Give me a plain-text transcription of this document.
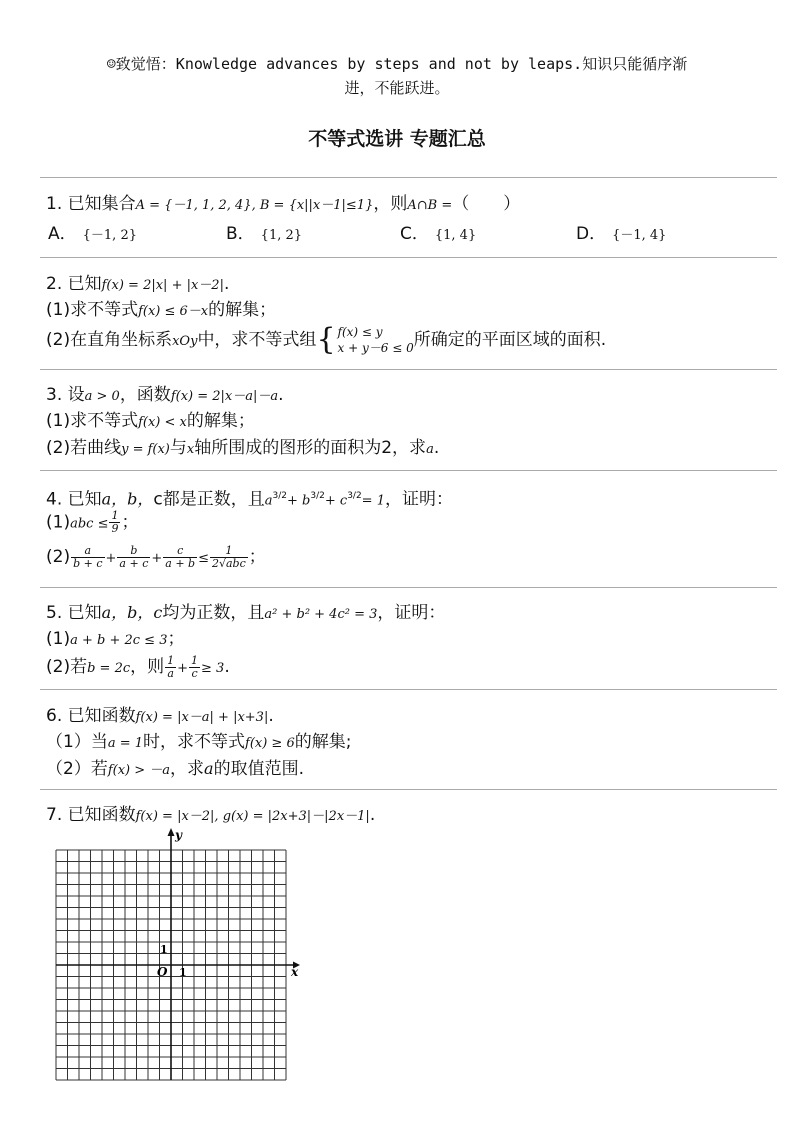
☺致觉悟：Knowledge advances by steps and not by leaps.知识只能循序渐
进，不能跃进。
不等式选讲 专题汇总
1. 已知集合A = {－1, 1, 2, 4}, B = {x||x－1|≤1}，则A∩B =（　　）
A． {－1, 2}	B． {1, 2}	C． {1, 4}	D． {－1, 4}
2. 已知f(x) = 2|x| + |x－2|.
(1)求不等式f(x) ≤ 6－x的解集；
(2)在直角坐标系xOy中，求不等式组{ f(x) ≤ y
x + y－6 ≤ 0 所确定的平面区域的面积.
3. 设a > 0，函数f(x) = 2|x－a|－a.
(1)求不等式f(x) < x的解集；
(2)若曲线y = f(x)与x轴所围成的图形的面积为2，求a.
4. 已知a，b，c都是正数，且$a^{3/2}+ b^{3/2}+ c^{3/2}= 1$，证明：
$(1)abc \le \frac{1}{9}$ ；
$(2) \frac{a}{b + c} + \frac{b}{a + c} + \frac{c}{a + b} \le \frac{1}{\text{2√abc}}$ ；
5. 已知a，b，c均为正数，且a² + b² + 4c² = 3，证明：
(1)a + b + 2c ≤ 3；
(2)若b = 2c，则 $\frac{1}{a} + \frac{1}{c} \ge 3$.
6. 已知函数f(x) = |x－a| + |x+3|.
（1）当a = 1时，求不等式f(x) ≥ 6的解集;
（2）若f(x) > －a，求a的取值范围.
7. 已知函数f(x) = |x－2|, g(x) = |2x+3|－|2x－1|.
y
x
O 1
1
